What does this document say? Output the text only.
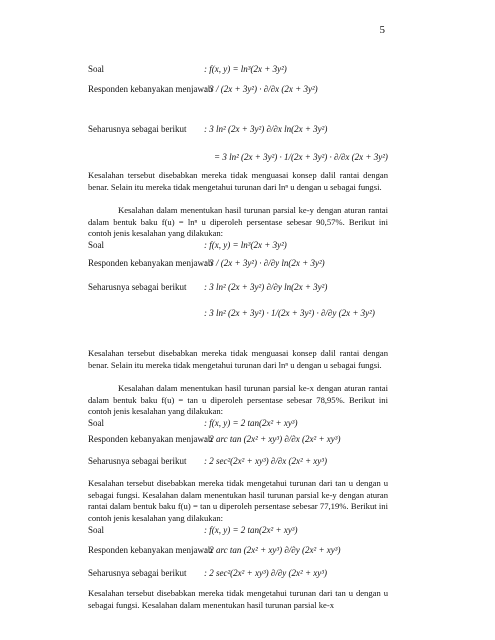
5
Soal	: f(x, y) = ln³(2x + 3y²)
Responden kebanyakan menjawab
: 3 / (2x + 3y²) · ∂/∂x (2x + 3y²)
Seharusnya sebagai berikut : 3 ln² (2x + 3y²) ∂/∂x ln(2x + 3y²)
= 3 ln² (2x + 3y²) · 1/(2x + 3y²) · ∂/∂x (2x + 3y²)
Kesalahan tersebut disebabkan mereka tidak menguasai konsep dalil rantai dengan benar. Selain itu mereka tidak mengetahui turunan dari lnⁿ u dengan u sebagai fungsi.
Kesalahan dalam menentukan hasil turunan parsial ke-y dengan aturan rantai dalam bentuk baku f(u) = lnⁿ u diperoleh persentase sebesar 90,57%. Berikut ini contoh jenis kesalahan yang dilakukan:
Soal	: f(x, y) = ln³(2x + 3y²)
Responden kebanyakan menjawab
: 3 / (2x + 3y²) · ∂/∂y ln(2x + 3y²)
Seharusnya sebagai berikut : 3 ln² (2x + 3y²) ∂/∂y ln(2x + 3y²)
: 3 ln² (2x + 3y²) · 1/(2x + 3y²) · ∂/∂y (2x + 3y²)
Kesalahan tersebut disebabkan mereka tidak menguasai konsep dalil rantai dengan benar. Selain itu mereka tidak mengetahui turunan dari lnⁿ u dengan u sebagai fungsi.
Kesalahan dalam menentukan hasil turunan parsial ke-x dengan aturan rantai dalam bentuk baku f(u) = tan u diperoleh persentase sebesar 78,95%. Berikut ini contoh jenis kesalahan yang dilakukan:
Soal	: f(x, y) = 2 tan(2x² + xy³)
Responden kebanyakan menjawab
: 2 arc tan (2x² + xy³) ∂/∂x (2x² + xy³)
Seharusnya sebagai berikut : 2 sec²(2x² + xy³) ∂/∂x (2x² + xy³)
Kesalahan tersebut disebabkan mereka tidak mengetahui turunan dari tan u dengan u sebagai fungsi. Kesalahan dalam menentukan hasil turunan parsial ke-y dengan aturan rantai dalam bentuk baku f(u) = tan u diperoleh persentase sebesar 77,19%. Berikut ini contoh jenis kesalahan yang dilakukan:
Soal	: f(x, y) = 2 tan(2x² + xy³)
Responden kebanyakan menjawab
: 2 arc tan (2x² + xy³) ∂/∂y (2x² + xy³)
Seharusnya sebagai berikut : 2 sec²(2x² + xy³) ∂/∂y (2x² + xy³)
Kesalahan tersebut disebabkan mereka tidak mengetahui turunan dari tan u dengan u sebagai fungsi. Kesalahan dalam menentukan hasil turunan parsial ke-x
